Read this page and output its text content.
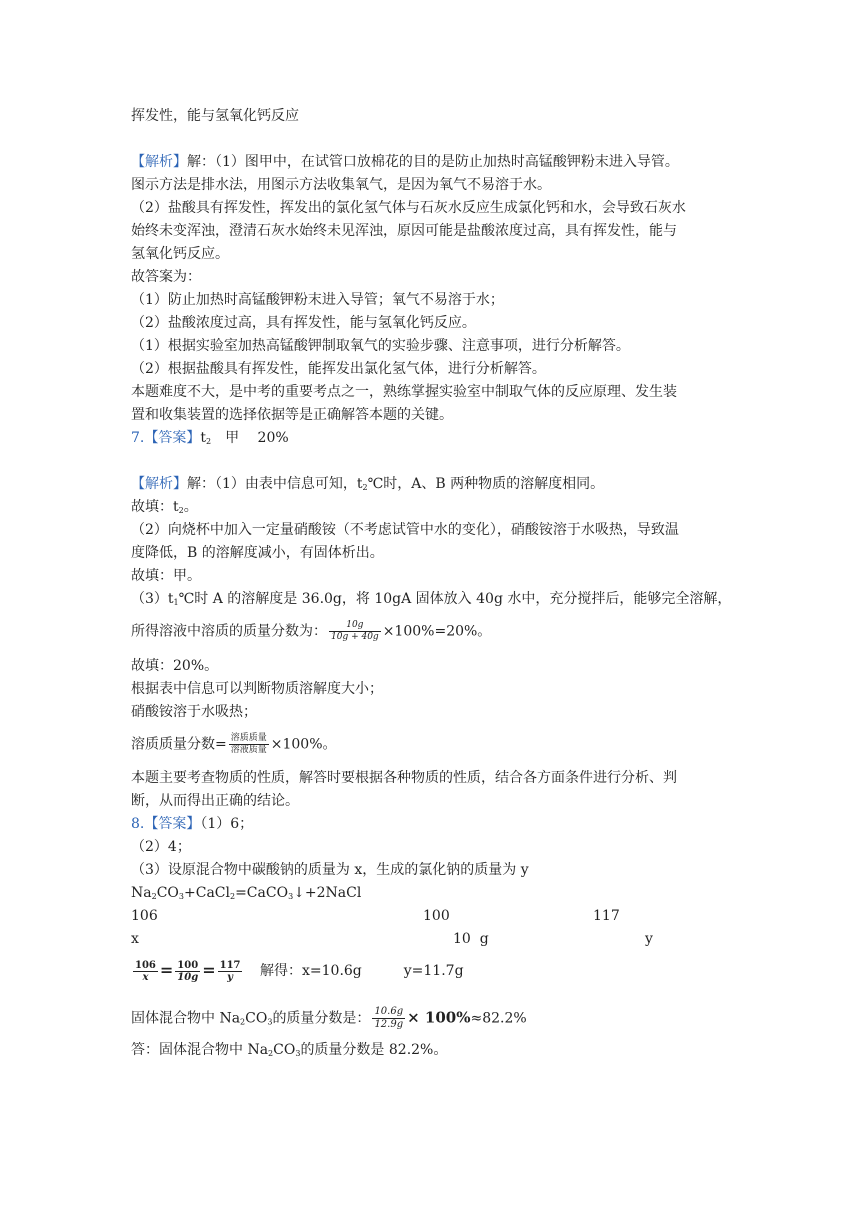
挥发性，能与氢氧化钙反应
【解析】解：（1）图甲中，在试管口放棉花的目的是防止加热时高锰酸钾粉末进入导管。
图示方法是排水法，用图示方法收集氧气，是因为氧气不易溶于水。
（2）盐酸具有挥发性，挥发出的氯化氢气体与石灰水反应生成氯化钙和水，会导致石灰水
始终未变浑浊，澄清石灰水始终未见浑浊，原因可能是盐酸浓度过高，具有挥发性，能与
氢氧化钙反应。
故答案为：
（1）防止加热时高锰酸钾粉末进入导管；氧气不易溶于水；
（2）盐酸浓度过高，具有挥发性，能与氢氧化钙反应。
（1）根据实验室加热高锰酸钾制取氧气的实验步骤、注意事项，进行分析解答。
（2）根据盐酸具有挥发性，能挥发出氯化氢气体，进行分析解答。
本题难度不大，是中考的重要考点之一，熟练掌握实验室中制取气体的反应原理、发生装
置和收集装置的选择依据等是正确解答本题的关键。
7.【答案】$t_2$　甲　 20%
【解析】解：（1）由表中信息可知，$t_2℃$时，A、B 两种物质的溶解度相同。
故填：$t_2$。
（2）向烧杯中加入一定量硝酸铵（不考虑试管中水的变化），硝酸铵溶于水吸热，导致温
度降低，B 的溶解度减小，有固体析出。
故填：甲。
$(3)t_1℃$时 A 的溶解度是 36.0g，将 10gA 固体放入 40g 水中，充分搅拌后，能够完全溶解，
所得溶液中溶质的质量分数为： $\frac{10g}{10g + 40g} \times 100\%=20\%$。
故填：20%。
根据表中信息可以判断物质溶解度大小；
硝酸铵溶于水吸热；
溶质质量分数= $\frac{\text{溶质质量}}{\text{溶液质量}} \times 100\%$。
本题主要考查物质的性质，解答时要根据各种物质的性质，结合各方面条件进行分析、判
断，从而得出正确的结论。
8.【答案】（1）6；
（2）4；
（3）设原混合物中碳酸钠的质量为 x，生成的氯化钠的质量为 y
$Na_2CO_3+CaCl_2=CaCO_3↓+2NaCl$
106	100	117
x	10  g	y
$\frac{106}{x} = \frac{100}{10g} = \frac{117}{y}$ 解得：x=10.6g　　　y=11.7g
固体混合物中 $Na_2CO_3$的质量分数是： $\frac{10.6g}{12.9g} \times 100\%\approx 82.2\%$
答：固体混合物中 $Na_2CO_3$的质量分数是 82.2%。
